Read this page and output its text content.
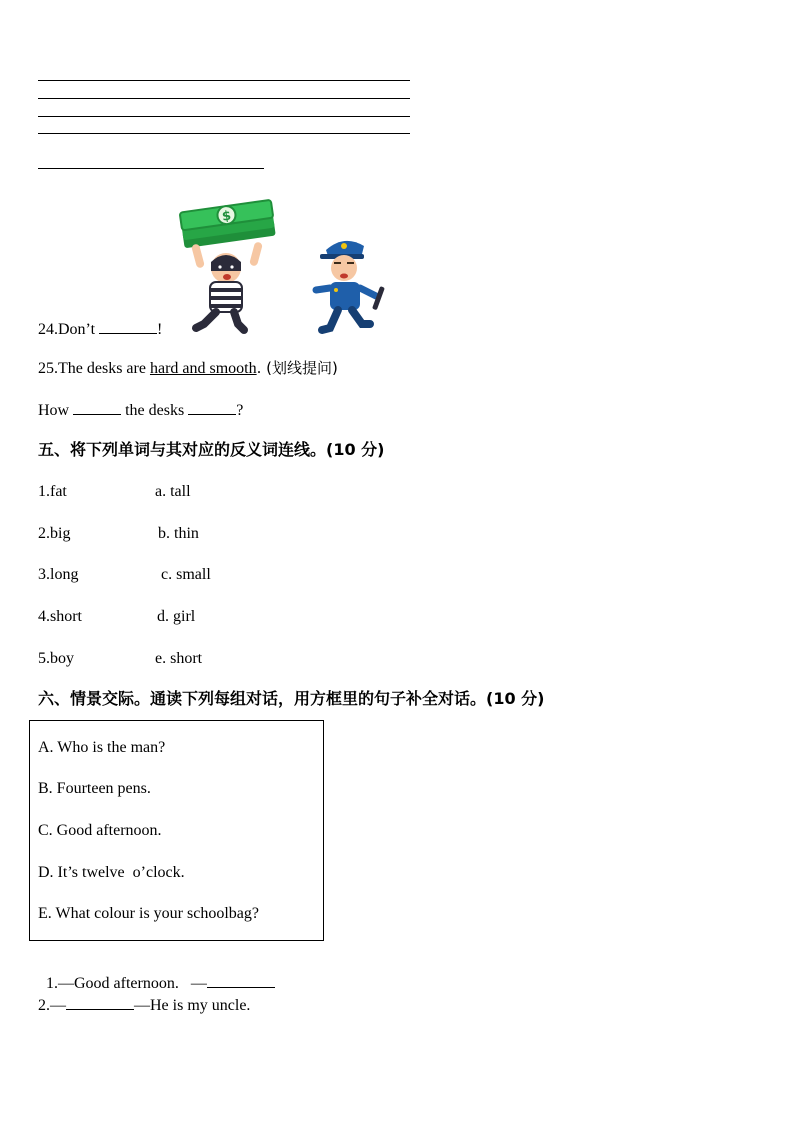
$
24.Don’t	!
25.The desks are hard and smooth. (划线提问)
How	the desks	?
五、将下列单词与其对应的反义词连线。(10 分)
1.fat	a. tall
2.big	b. thin
3.long	c. small
4.short	d. girl
5.boy	e. short
六、情景交际。通读下列每组对话，用方框里的句子补全对话。(10 分)
A. Who is the man?
B. Fourteen pens.
C. Good afternoon.
D. It’s twelve  o’clock.
E. What colour is your schoolbag?

1.—Good afternoon. —

2.—	—He is my uncle.
